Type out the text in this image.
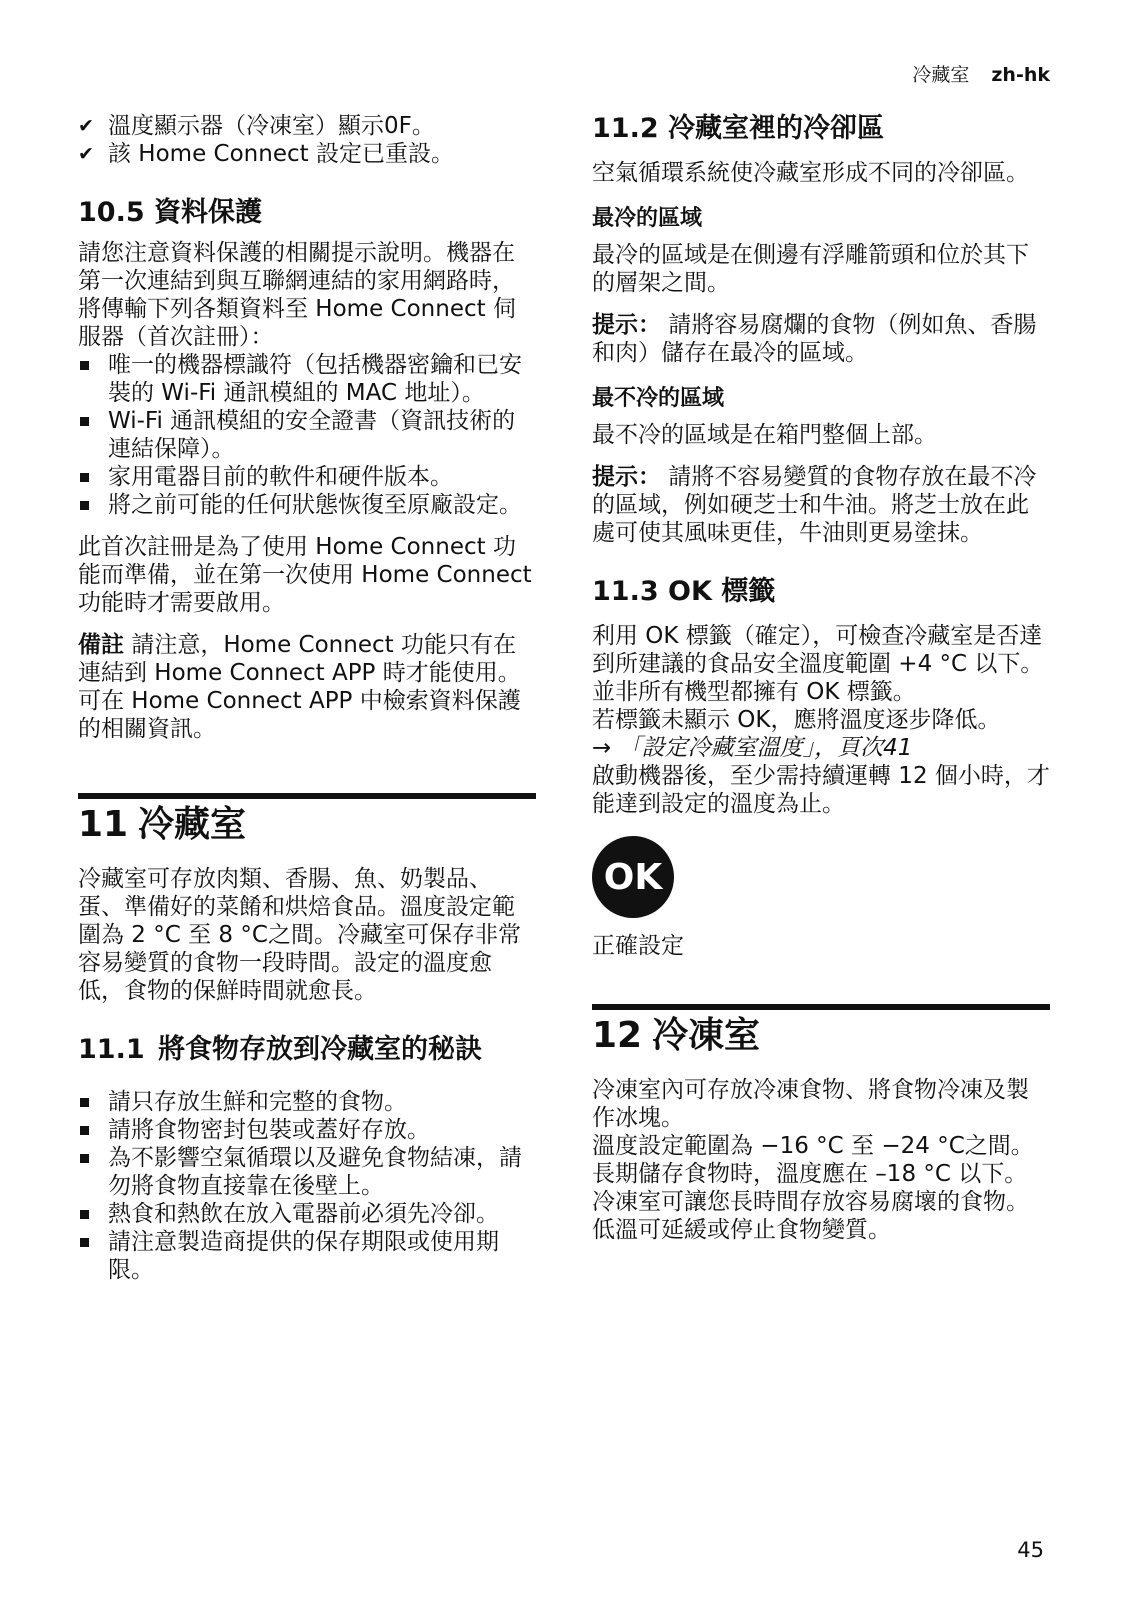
冷藏室 zh-hk
✔ 溫度顯示器（冷凍室）顯示0F。
✔ 該 Home Connect 設定已重設。
10.5 資料保護

請您注意資料保護的相關提示說明。機器在第一次連結到與互聯網連結的家用網路時，將傳輸下列各類資料至 Home Connect 伺服器（首次註冊）：

唯一的機器標識符（包括機器密鑰和已安裝的 Wi-Fi 通訊模組的 MAC 地址）。
Wi-Fi 通訊模組的安全證書（資訊技術的連結保障）。
家用電器目前的軟件和硬件版本。
將之前可能的任何狀態恢復至原廠設定。

此首次註冊是為了使用 Home Connect 功能而準備，並在第一次使用 Home Connect 功能時才需要啟用。

備註 請注意，Home Connect 功能只有在連結到 Home Connect APP 時才能使用。可在 Home Connect APP 中檢索資料保護的相關資訊。

11 冷藏室

冷藏室可存放肉類、香腸、魚、奶製品、蛋、準備好的菜餚和烘焙食品。溫度設定範圍為 2 °C 至 8 °C之間。冷藏室可保存非常容易變質的食物一段時間。設定的溫度愈低，食物的保鮮時間就愈長。

11.1 將食物存放到冷藏室的秘訣
請只存放生鮮和完整的食物。
請將食物密封包裝或蓋好存放。
為不影響空氣循環以及避免食物結凍，請勿將食物直接靠在後壁上。
熱食和熱飲在放入電器前必須先冷卻。
請注意製造商提供的保存期限或使用期限。
11.2 冷藏室裡的冷卻區

空氣循環系統使冷藏室形成不同的冷卻區。

最冷的區域

最冷的區域是在側邊有浮雕箭頭和位於其下的層架之間。

提示： 請將容易腐爛的食物（例如魚、香腸和肉）儲存在最冷的區域。

最不冷的區域

最不冷的區域是在箱門整個上部。

提示： 請將不容易變質的食物存放在最不冷的區域，例如硬芝士和牛油。將芝士放在此處可使其風味更佳，牛油則更易塗抹。

11.3 OK 標籤

利用 OK 標籤（確定），可檢查冷藏室是否達到所建議的食品安全溫度範圍 +4 °C 以下。

並非所有機型都擁有 OK 標籤。

若標籤未顯示 OK，應將溫度逐步降低。

→ 「設定冷藏室溫度」，頁次41

啟動機器後，至少需持續運轉 12 個小時，才能達到設定的溫度為止。

OK

正確設定

12 冷凍室

冷凍室內可存放冷凍食物、將食物冷凍及製作冰塊。

溫度設定範圍為 −16 °C 至 −24 °C之間。

長期儲存食物時，溫度應在 –18 °C 以下。

冷凍室可讓您長時間存放容易腐壞的食物。低溫可延緩或停止食物變質。

45
